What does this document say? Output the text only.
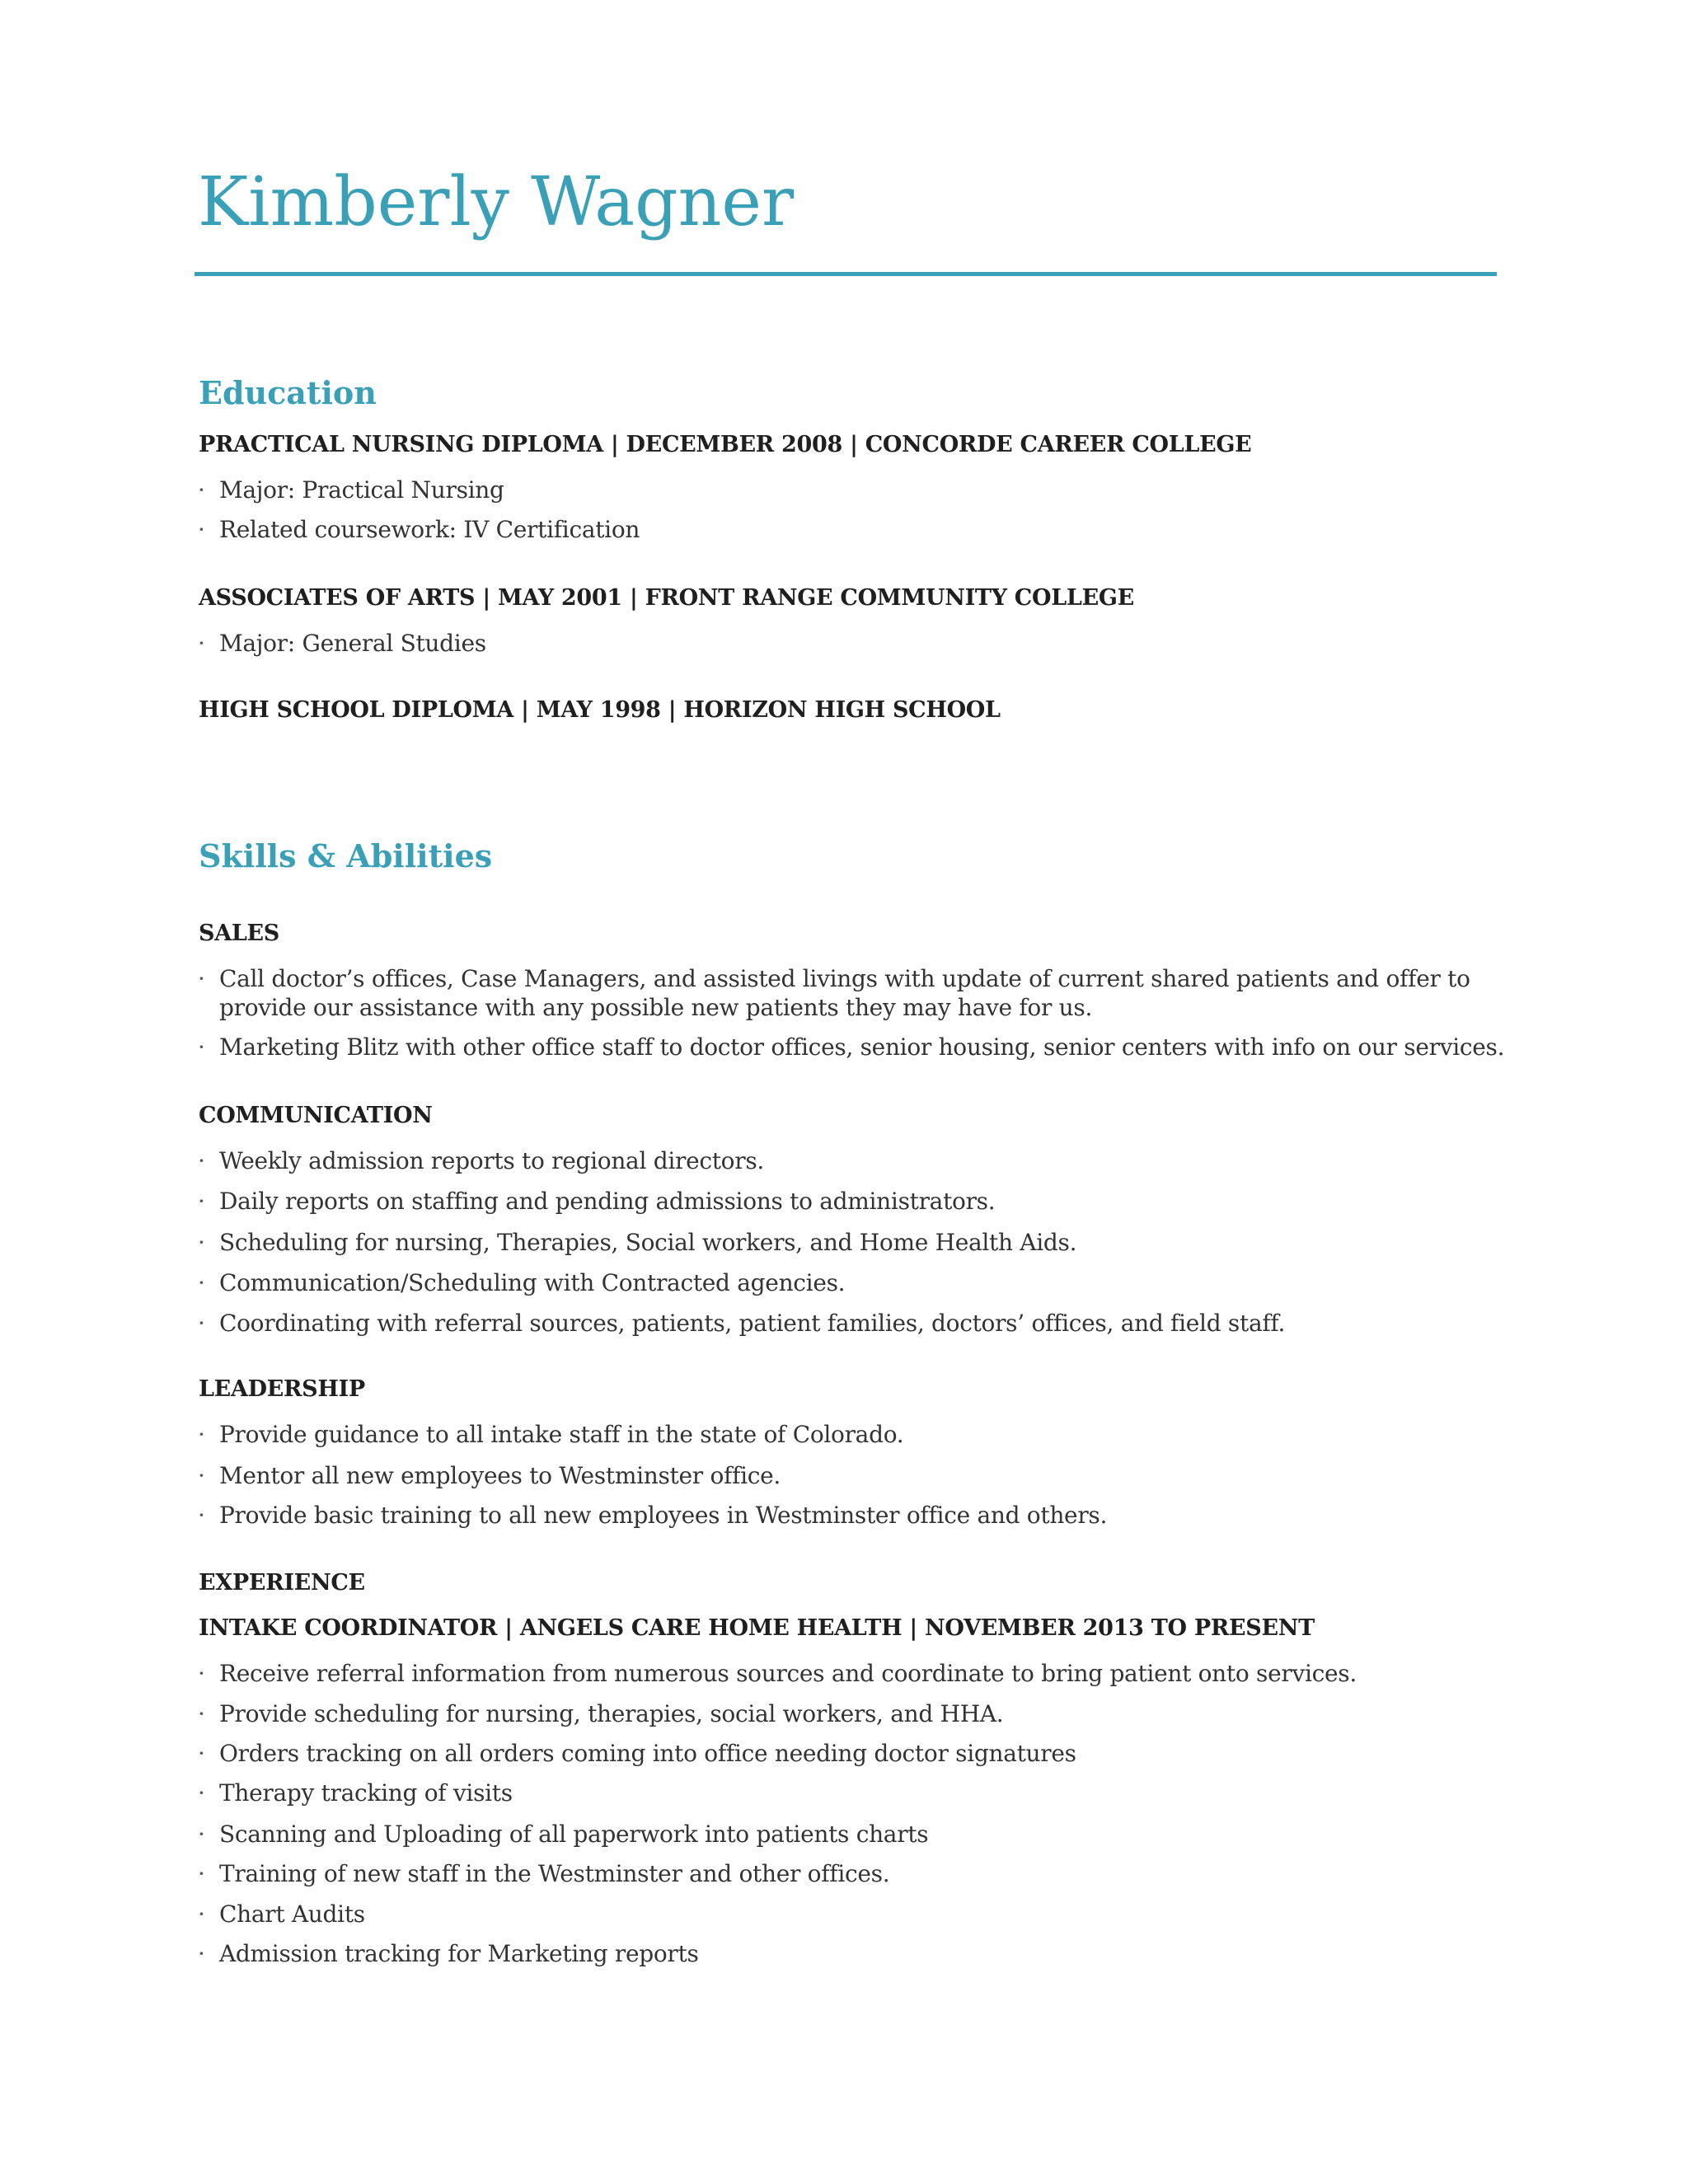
Kimberly Wagner
Education
PRACTICAL NURSING DIPLOMA | DECEMBER 2008 | CONCORDE CAREER COLLEGE
· Major: Practical Nursing
· Related coursework: IV Certification
ASSOCIATES OF ARTS | MAY 2001 | FRONT RANGE COMMUNITY COLLEGE
· Major: General Studies
HIGH SCHOOL DIPLOMA | MAY 1998 | HORIZON HIGH SCHOOL
Skills & Abilities
SALES
· Call doctor’s offices, Case Managers, and assisted livings with update of current shared patients and offer to provide our assistance with any possible new patients they may have for us.
· Marketing Blitz with other office staff to doctor offices, senior housing, senior centers with info on our services.
COMMUNICATION
· Weekly admission reports to regional directors.
· Daily reports on staffing and pending admissions to administrators.
· Scheduling for nursing, Therapies, Social workers, and Home Health Aids.
· Communication/Scheduling with Contracted agencies.
· Coordinating with referral sources, patients, patient families, doctors’ offices, and field staff.
LEADERSHIP
· Provide guidance to all intake staff in the state of Colorado.
· Mentor all new employees to Westminster office.
· Provide basic training to all new employees in Westminster office and others.
EXPERIENCE
INTAKE COORDINATOR | ANGELS CARE HOME HEALTH | NOVEMBER 2013 TO PRESENT
· Receive referral information from numerous sources and coordinate to bring patient onto services.
· Provide scheduling for nursing, therapies, social workers, and HHA.
· Orders tracking on all orders coming into office needing doctor signatures
· Therapy tracking of visits
· Scanning and Uploading of all paperwork into patients charts
· Training of new staff in the Westminster and other offices.
· Chart Audits
· Admission tracking for Marketing reports
